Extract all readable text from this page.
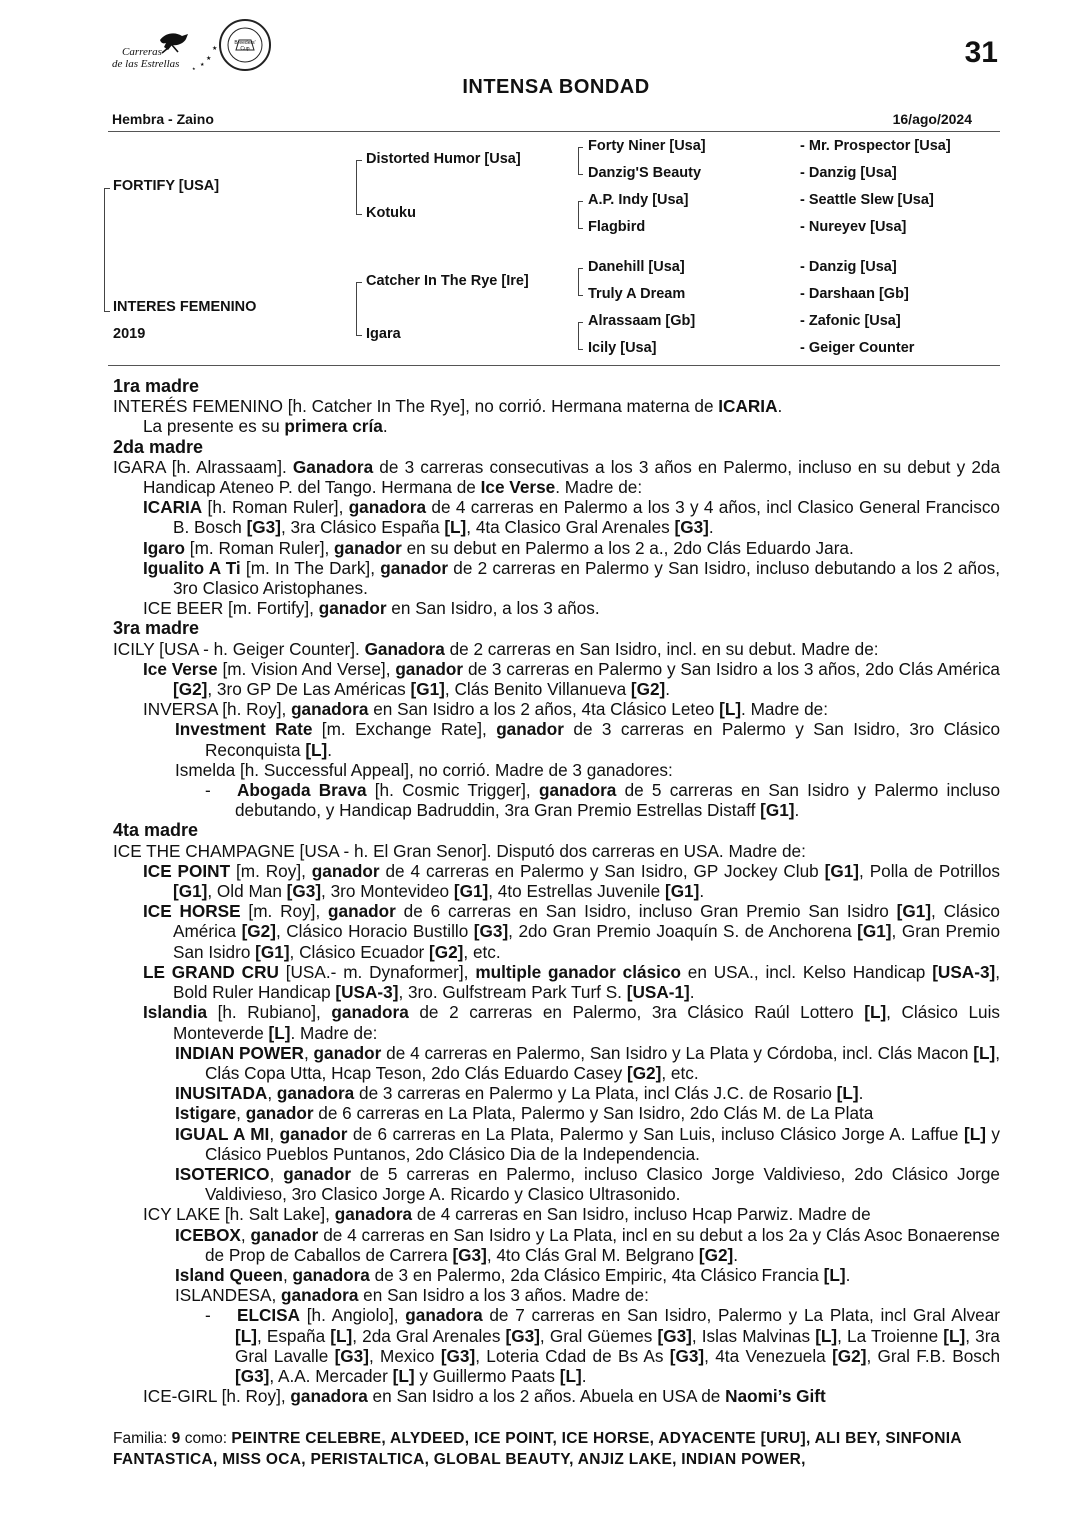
★
★
★
★
Carreras
de las Estrellas
Breeders' Cup	31
INTENSA BONDAD
Hembra - Zaino	16/ago/2024
FORTIFY [USA]
INTERES FEMENINO
2019
Distorted Humor [Usa]
Kotuku
Catcher In The Rye [Ire]
Igara
Forty Niner [Usa]
Danzig'S Beauty
A.P. Indy [Usa]
Flagbird
Danehill [Usa]
Truly A Dream
Alrassaam [Gb]
Icily [Usa]
- Mr. Prospector [Usa]
- Danzig [Usa]
- Seattle Slew [Usa]
- Nureyev [Usa]
- Danzig [Usa]
- Darshaan [Gb]
- Zafonic [Usa]
- Geiger Counter

1ra madre

INTERÉS FEMENINO [h. Catcher In The Rye], no corrió. Hermana materna de ICARIA.

La presente es su primera cría.

2da madre

IGARA [h. Alrassaam]. Ganadora de 3 carreras consecutivas a los 3 años en Palermo, incluso en su debut y 2da Handicap Ateneo P. del Tango. Hermana de Ice Verse. Madre de:

ICARIA [h. Roman Ruler], ganadora de 4 carreras en Palermo a los 3 y 4 años, incl Clasico General Francisco B. Bosch [G3], 3ra Clásico España [L], 4ta Clasico Gral Arenales [G3].

Igaro [m. Roman Ruler], ganador en su debut en Palermo a los 2 a., 2do Clás Eduardo Jara.

Igualito A Ti [m. In The Dark], ganador de 2 carreras en Palermo y San Isidro, incluso debutando a los 2 años, 3ro Clasico Aristophanes.

ICE BEER [m. Fortify], ganador en San Isidro, a los 3 años.

3ra madre

ICILY [USA - h. Geiger Counter]. Ganadora de 2 carreras en San Isidro, incl. en su debut. Madre de:

Ice Verse [m. Vision And Verse], ganador de 3 carreras en Palermo y San Isidro a los 3 años, 2do Clás América [G2], 3ro GP De Las Américas [G1], Clás Benito Villanueva [G2].

INVERSA [h. Roy], ganadora en San Isidro a los 2 años, 4ta Clásico Leteo [L]. Madre de:

Investment Rate [m. Exchange Rate], ganador de 3 carreras en Palermo y San Isidro, 3ro Clásico Reconquista [L].

Ismelda [h. Successful Appeal], no corrió. Madre de 3 ganadores:

- Abogada Brava [h. Cosmic Trigger], ganadora de 5 carreras en San Isidro y Palermo incluso debutando, y Handicap Badruddin, 3ra Gran Premio Estrellas Distaff [G1].

4ta madre

ICE THE CHAMPAGNE [USA - h. El Gran Senor]. Disputó dos carreras en USA. Madre de:

ICE POINT [m. Roy], ganador de 4 carreras en Palermo y San Isidro, GP Jockey Club [G1], Polla de Potrillos [G1], Old Man [G3], 3ro Montevideo [G1], 4to Estrellas Juvenile [G1].

ICE HORSE [m. Roy], ganador de 6 carreras en San Isidro, incluso Gran Premio San Isidro [G1], Clásico América [G2], Clásico Horacio Bustillo [G3], 2do Gran Premio Joaquín S. de Anchorena [G1], Gran Premio San Isidro [G1], Clásico Ecuador [G2], etc.

LE GRAND CRU [USA.- m. Dynaformer], multiple ganador clásico en USA., incl. Kelso Handicap [USA-3], Bold Ruler Handicap [USA-3], 3ro. Gulfstream Park Turf S. [USA-1].

Islandia [h. Rubiano], ganadora de 2 carreras en Palermo, 3ra Clásico Raúl Lottero [L], Clásico Luis Monteverde [L]. Madre de:

INDIAN POWER, ganador de 4 carreras en Palermo, San Isidro y La Plata y Córdoba, incl. Clás Macon [L], Clás Copa Utta, Hcap Teson, 2do Clás Eduardo Casey [G2], etc.

INUSITADA, ganadora de 3 carreras en Palermo y La Plata, incl Clás J.C. de Rosario [L].

Istigare, ganador de 6 carreras en La Plata, Palermo y San Isidro, 2do Clás M. de La Plata

IGUAL A MI, ganador de 6 carreras en La Plata, Palermo y San Luis, incluso Clásico Jorge A. Laffue [L] y Clásico Pueblos Puntanos, 2do Clásico Dia de la Independencia.

ISOTERICO, ganador de 5 carreras en Palermo, incluso Clasico Jorge Valdivieso, 2do Clásico Jorge Valdivieso, 3ro Clasico Jorge A. Ricardo y Clasico Ultrasonido.

ICY LAKE [h. Salt Lake], ganadora de 4 carreras en San Isidro, incluso Hcap Parwiz. Madre de

ICEBOX, ganador de 4 carreras en San Isidro y La Plata, incl en su debut a los 2a y Clás Asoc Bonaerense de Prop de Caballos de Carrera [G3], 4to Clás Gral M. Belgrano [G2].

Island Queen, ganadora de 3 en Palermo, 2da Clásico Empiric, 4ta Clásico Francia [L].

ISLANDESA, ganadora en San Isidro a los 3 años. Madre de:

- ELCISA [h. Angiolo], ganadora de 7 carreras en San Isidro, Palermo y La Plata, incl Gral Alvear [L], España [L], 2da Gral Arenales [G3], Gral Güemes [G3], Islas Malvinas [L], La Troienne [L], 3ra Gral Lavalle [G3], Mexico [G3], Loteria Cdad de Bs As [G3], 4ta Venezuela [G2], Gral F.B. Bosch [G3], A.A. Mercader [L] y Guillermo Paats [L].

ICE-GIRL [h. Roy], ganadora en San Isidro a los 2 años. Abuela en USA de Naomi’s Gift

Familia: 9 como: PEINTRE CELEBRE, ALYDEED, ICE POINT, ICE HORSE, ADYACENTE [URU], ALI BEY, SINFONIA FANTASTICA, MISS OCA, PERISTALTICA, GLOBAL BEAUTY, ANJIZ LAKE, INDIAN POWER,
